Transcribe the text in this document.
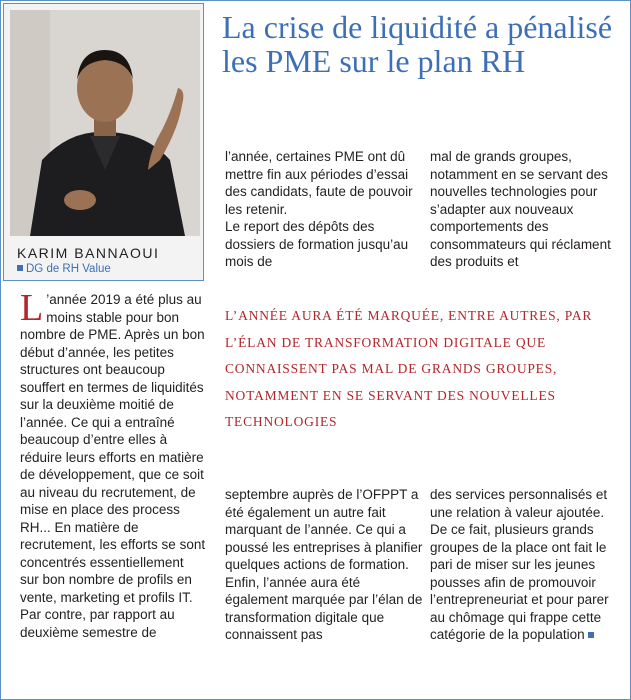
KARIM BANNAOUI
DG de RH Value
La crise de liquidité a pénalisé les PME sur le plan RH

L ’année 2019 a été plus au moins stable pour bon nombre de PME. Après un bon début d’année, les petites structures ont beaucoup souffert en termes de liquidités sur la deuxième moitié de l’année. Ce qui a entraîné beaucoup d’entre elles à réduire leurs efforts en matière de développement, que ce soit au niveau du recrutement, de mise en place des process RH... En matière de recrutement, les efforts se sont concentrés essentiellement sur bon nombre de profils en vente, marketing et profils IT.

Par contre, par rapport au deuxième semestre de

l’année, certaines PME ont dû mettre fin aux périodes d’essai des candidats, faute de pouvoir les retenir.

Le report des dépôts des dossiers de formation jusqu’au mois de

mal de grands groupes, notamment en se servant des nouvelles technologies pour s’adapter aux nouveaux comportements des consommateurs qui réclament des produits et

L’ANNÉE AURA ÉTÉ MARQUÉE, ENTRE AUTRES, PAR L’ÉLAN DE TRANSFORMATION DIGITALE QUE CONNAISSENT PAS MAL DE GRANDS GROUPES, NOTAMMENT EN SE SERVANT DES NOUVELLES TECHNOLOGIES

septembre auprès de l’OFPPT a été également un autre fait marquant de l’année. Ce qui a poussé les entreprises à planifier quelques actions de formation. Enfin, l’année aura été également marquée par l’élan de transformation digitale que connaissent pas

des services personnalisés et une relation à valeur ajoutée. De ce fait, plusieurs grands groupes de la place ont fait le pari de miser sur les jeunes pousses afin de promouvoir l’entrepreneuriat et pour parer au chômage qui frappe cette catégorie de la population
